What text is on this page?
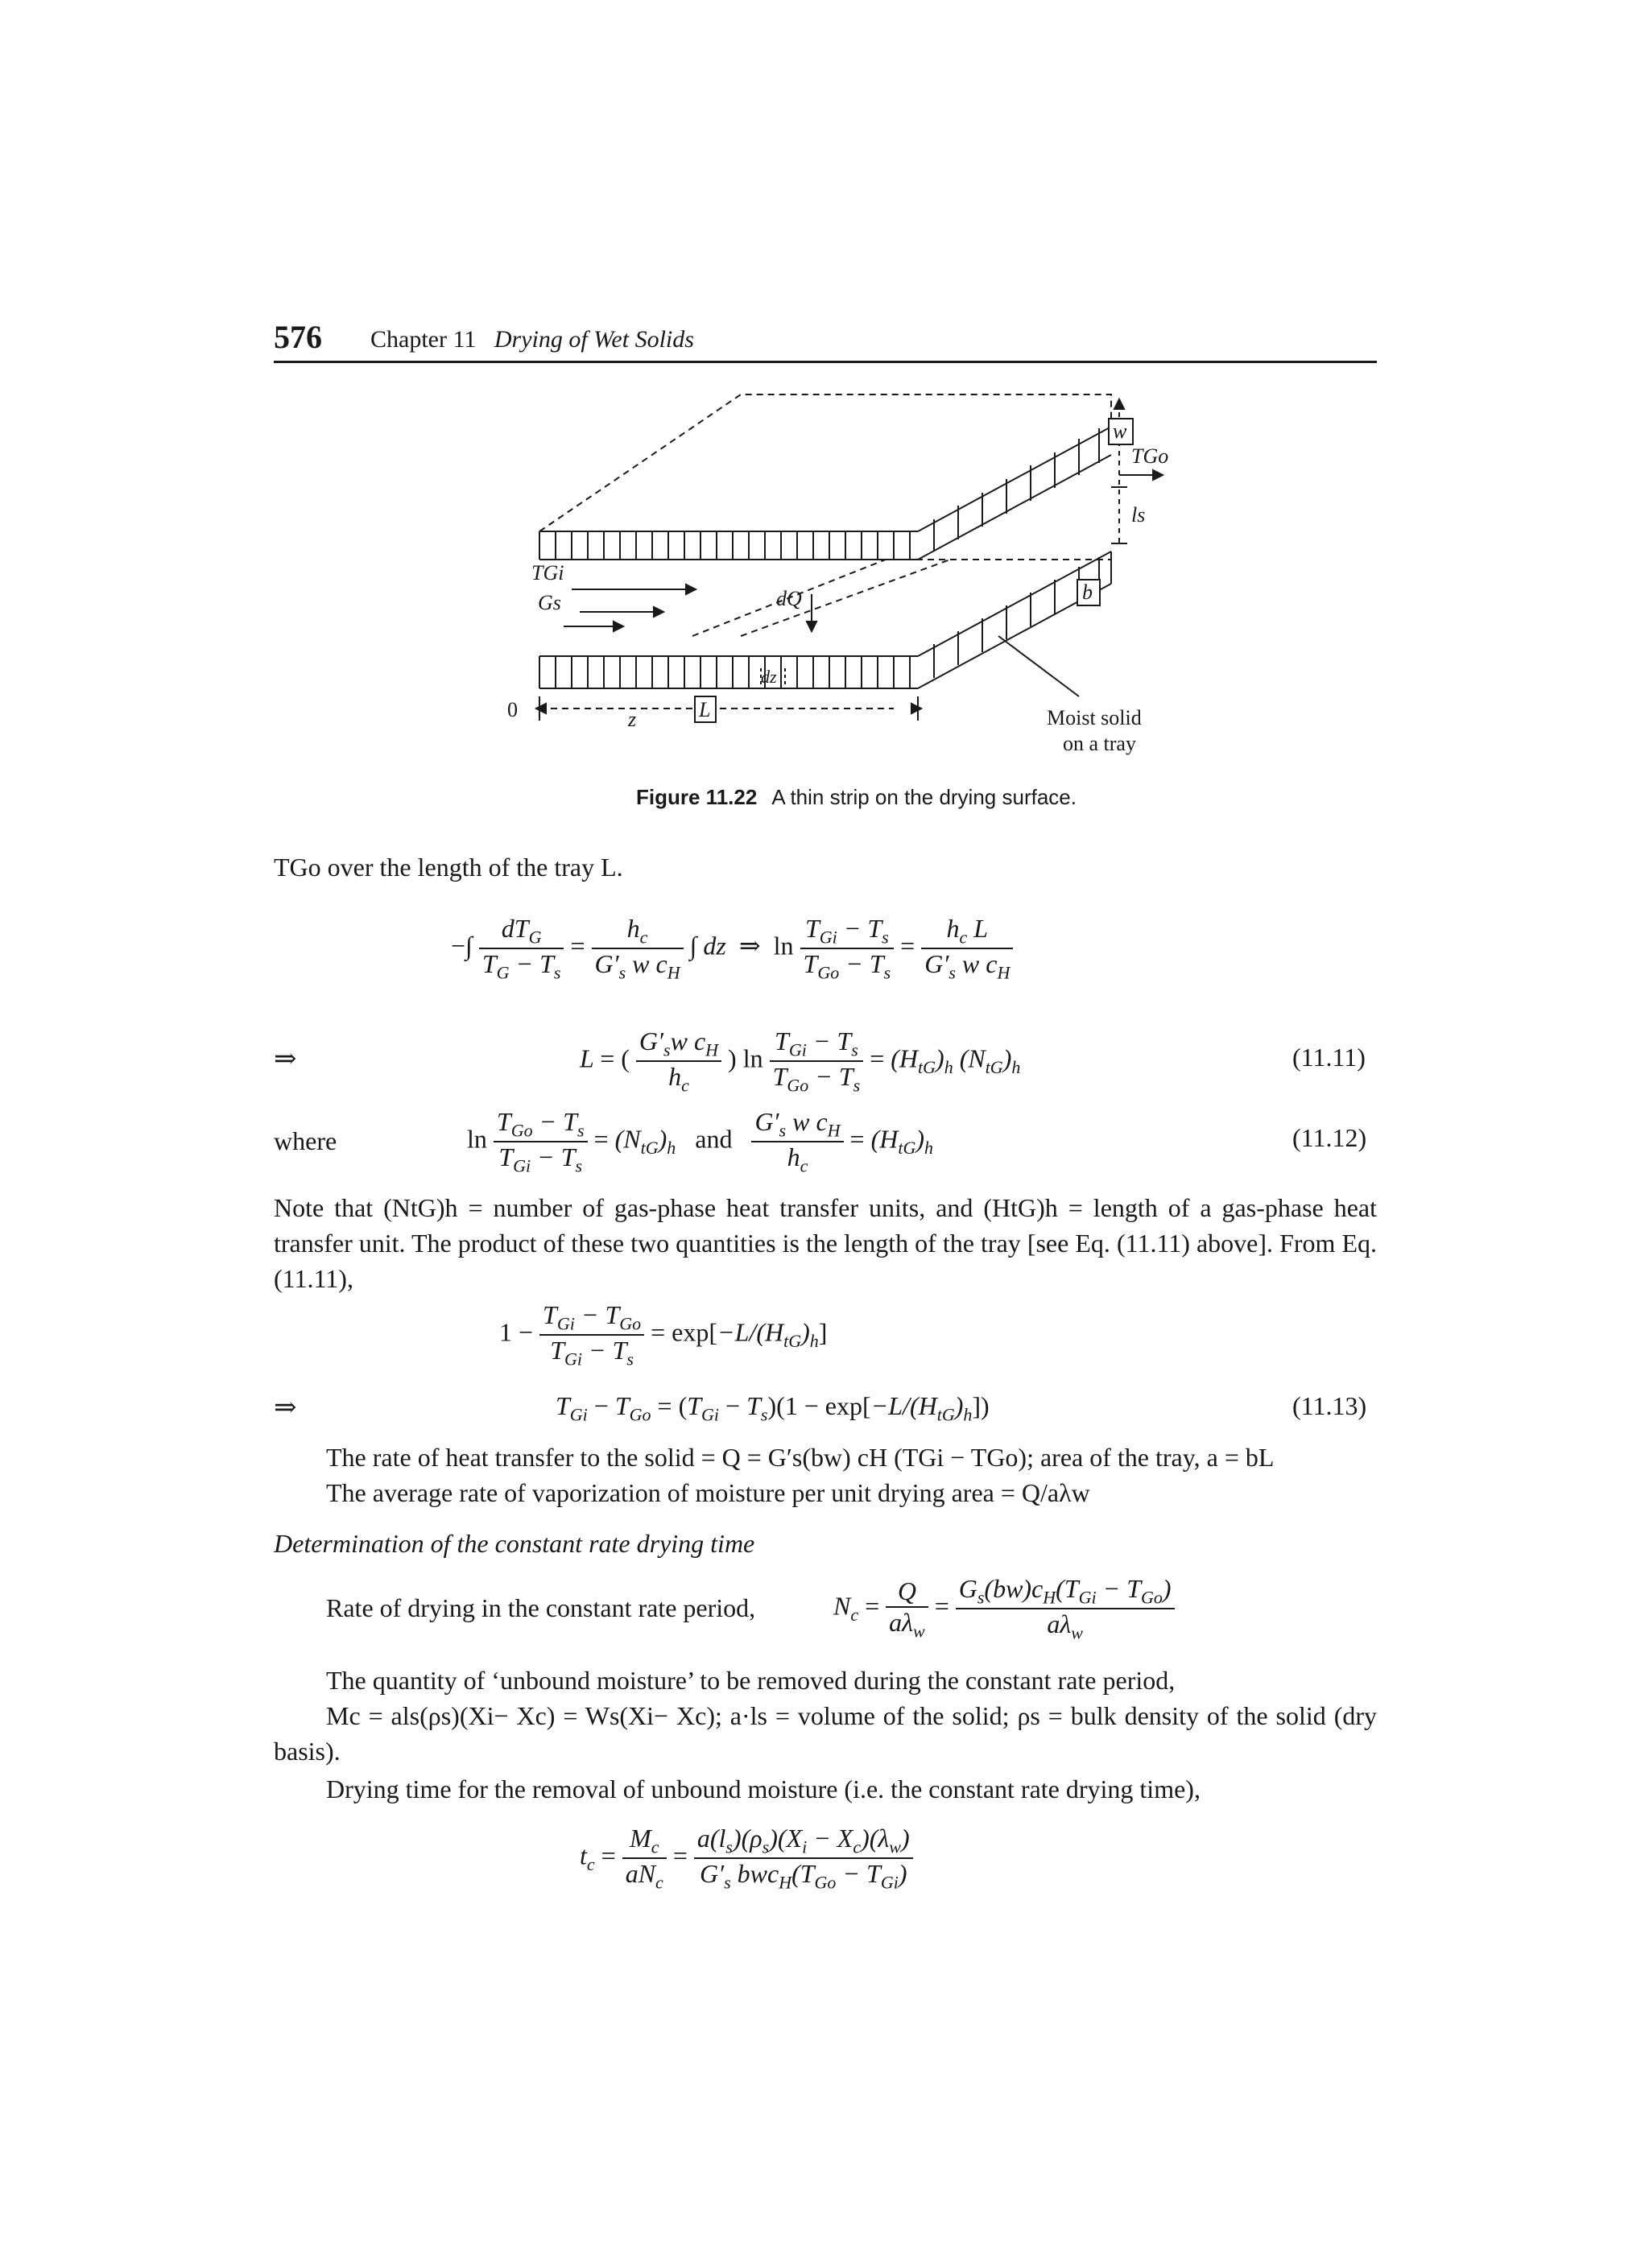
576 Chapter 11 Drying of Wet Solids
TGi
Gs	dQ
dz
z	L
w
TGo
ls
b
0	Moist solid
on a tray
Figure 11.22 A thin strip on the drying surface.
TGo over the length of the tray L.
−∫ $\frac{dT_G}{T_G - T_s} = \frac{h_c}{G'_s w c_H}$ ∫ dz  ⇒  $\ln \frac{T_{Gi} - T_s}{T_{Go} - T_s} = \frac{h_c L}{G'_s w c_H}$
⇒	L = ( $\frac{G'_sw c_H}{h_c}$ ) $\ln \frac{T_{Gi} - T_s}{T_{Go} - T_s} = (H_{tG})_h$ $(N_{tG})_h$	(11.11)
where	$\ln \frac{T_{Go} - T_s}{T_{Gi} - T_s} = (N_{tG})_h$ and $\frac{G'_s w c_H}{h_c} = (H_{tG})_h$	(11.12)
Note that (NtG)h = number of gas-phase heat transfer units, and (HtG)h = length of a gas-phase heat transfer unit. The product of these two quantities is the length of the tray [see Eq. (11.11) above]. From Eq. (11.11),
$1 - \frac{T_{Gi} - T_{Go}}{T_{Gi} - T_s} = \exp[-L/(H_{tG})_h]$
⇒	$T_{Gi} - T_{Go} = (T_{Gi} - T_s)(1 - \exp[-L/(H_{tG})_h])$	(11.13)
The rate of heat transfer to the solid = Q = G′s(bw) cH (TGi − TGo); area of the tray, a = bL
The average rate of vaporization of moisture per unit drying area = Q/aλw
Determination of the constant rate drying time
Rate of drying in the constant rate period,	$N_c = \frac{Q}{a\lambda_w} = \frac{G_s(bw)c_H(T_{Gi} - T_{Go})}{a\lambda_w}$
The quantity of ‘unbound moisture’ to be removed during the constant rate period,
Mc = als(ρs)(Xi− Xc) = Ws(Xi− Xc); a·ls = volume of the solid; ρs = bulk density of the solid (dry basis).
Drying time for the removal of unbound moisture (i.e. the constant rate drying time),
$t_c = \frac{M_c}{aN_c} = \frac{a(l_s)(\rho_s)(X_i - X_c)(\lambda_w)}{G'_s bwc_H(T_{Go} - T_{Gi})}$
